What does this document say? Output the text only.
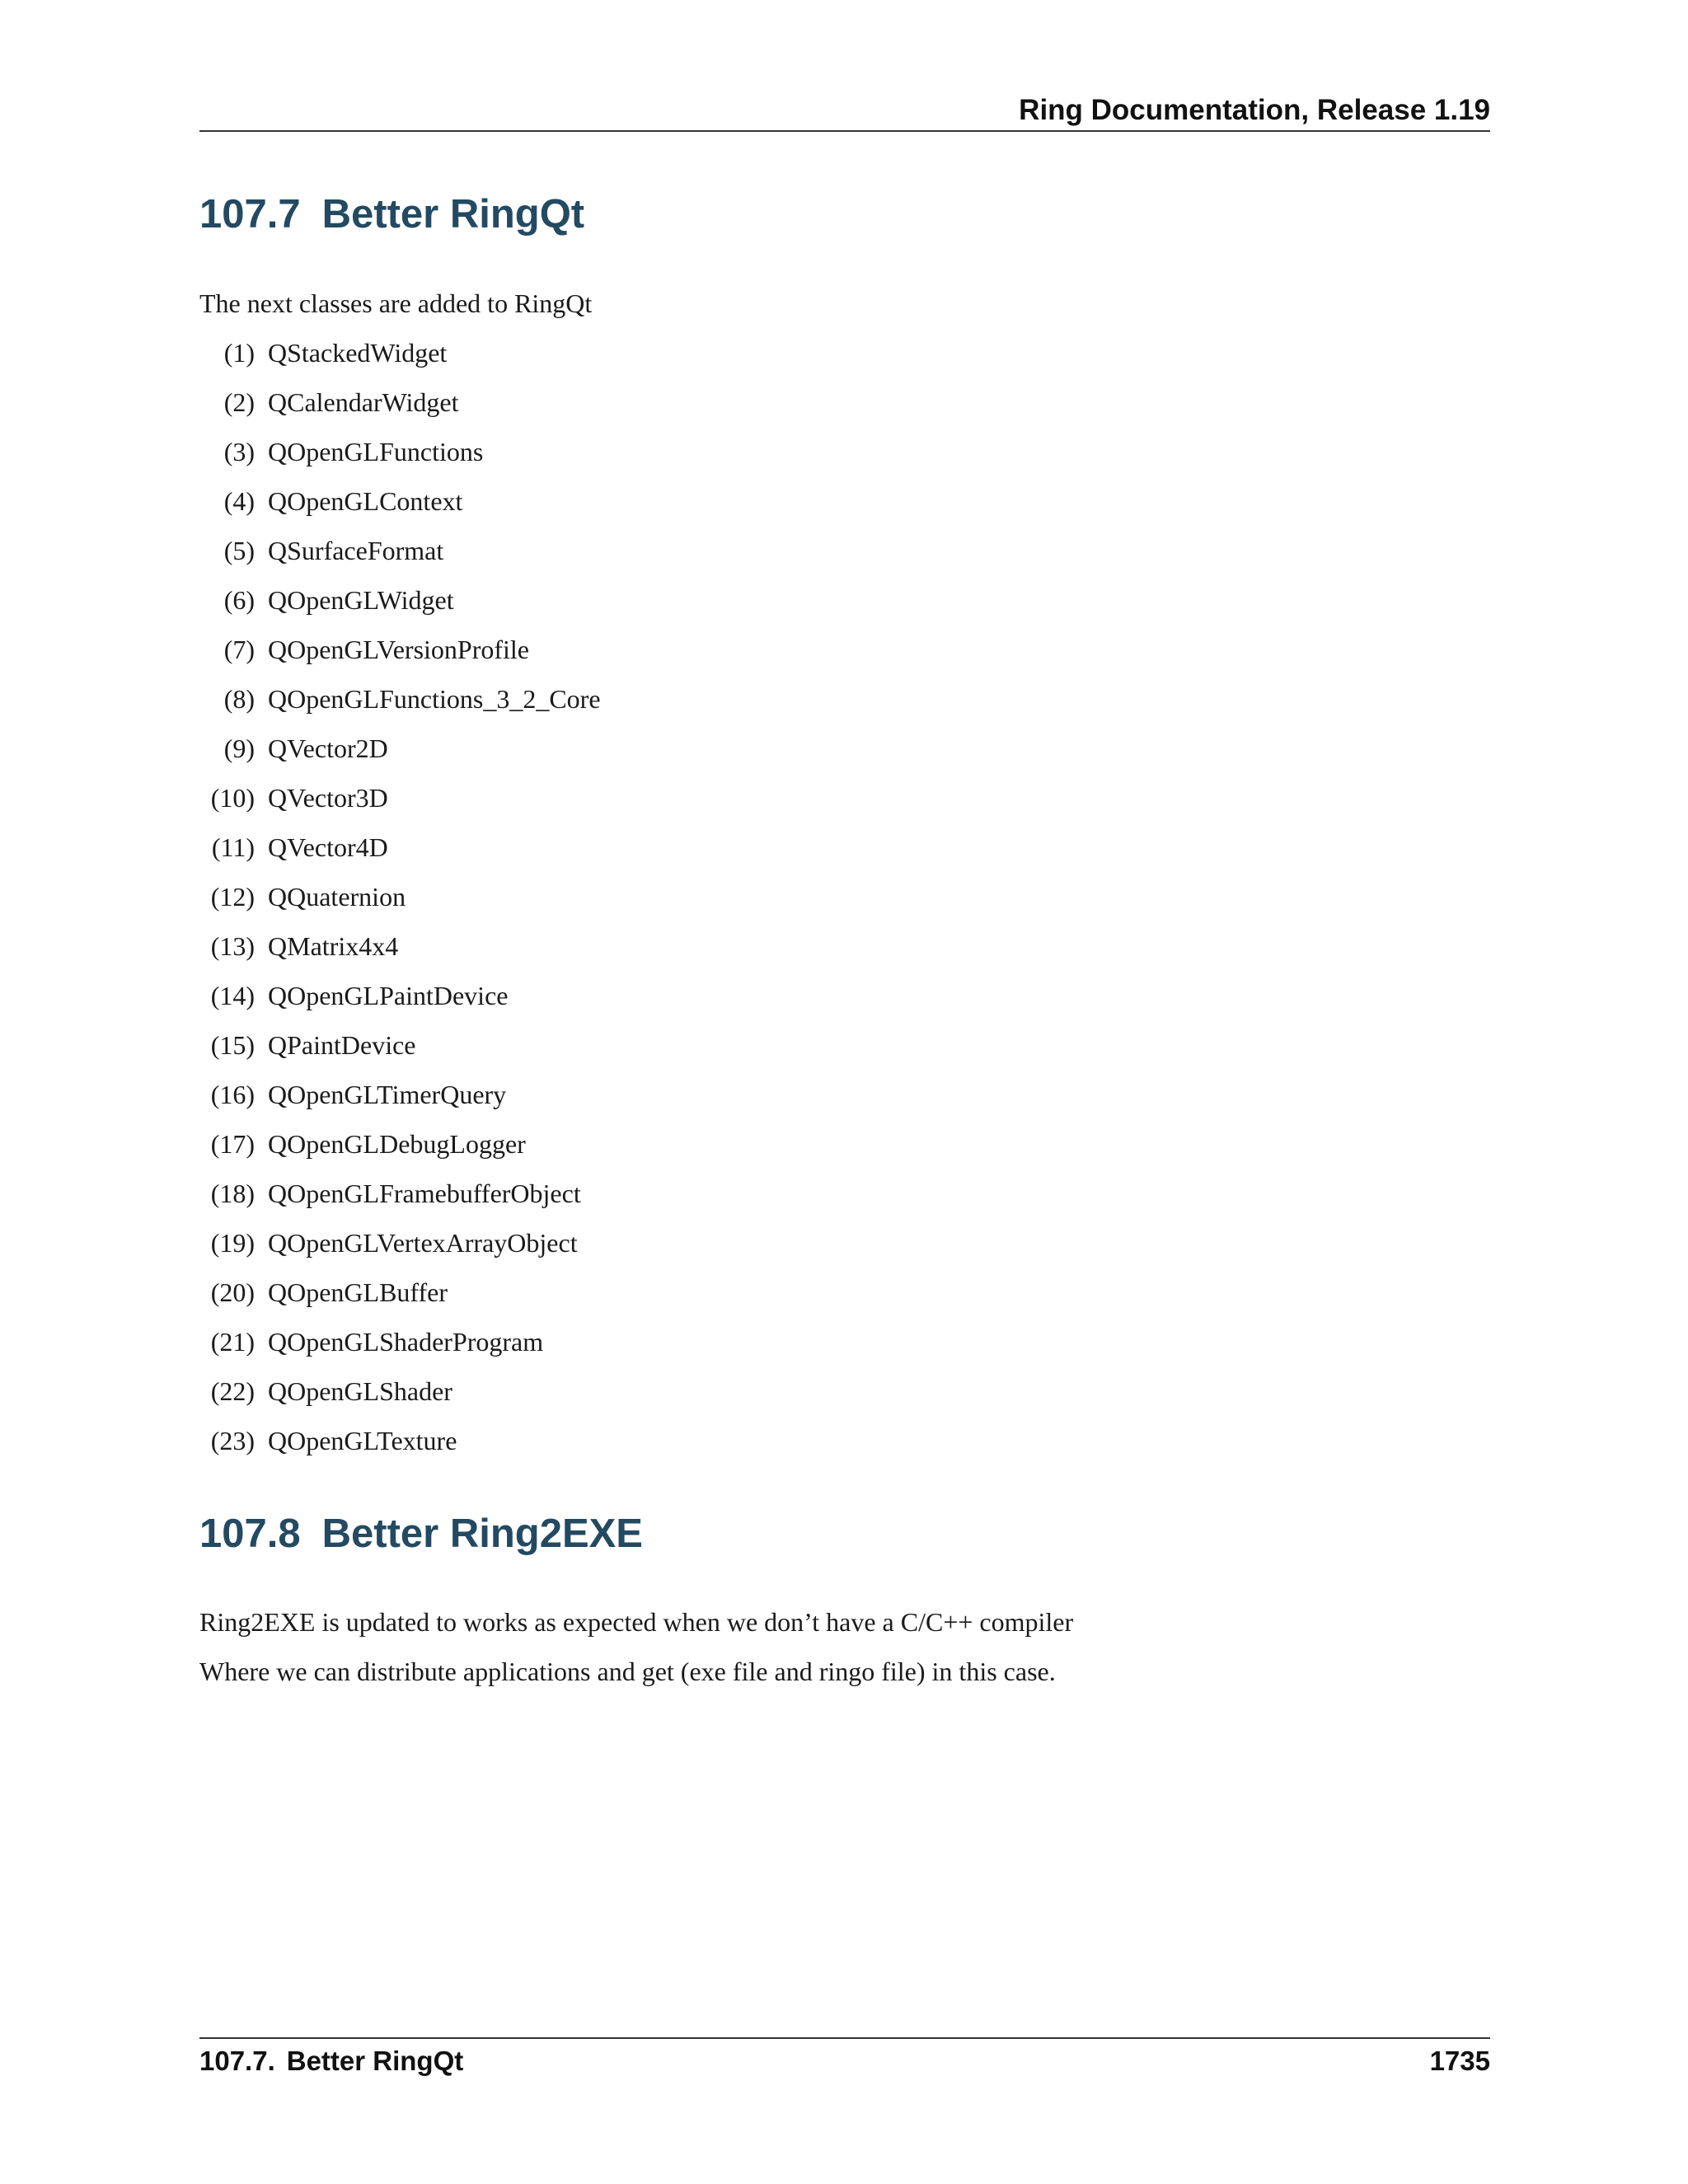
Ring Documentation, Release 1.19
107.7 Better RingQt

The next classes are added to RingQt

(1) QStackedWidget
(2) QCalendarWidget
(3) QOpenGLFunctions
(4) QOpenGLContext
(5) QSurfaceFormat
(6) QOpenGLWidget
(7) QOpenGLVersionProfile
(8) QOpenGLFunctions_3_2_Core
(9) QVector2D
(10) QVector3D
(11) QVector4D
(12) QQuaternion
(13) QMatrix4x4
(14) QOpenGLPaintDevice
(15) QPaintDevice
(16) QOpenGLTimerQuery
(17) QOpenGLDebugLogger
(18) QOpenGLFramebufferObject
(19) QOpenGLVertexArrayObject
(20) QOpenGLBuffer
(21) QOpenGLShaderProgram
(22) QOpenGLShader
(23) QOpenGLTexture
107.8 Better Ring2EXE

Ring2EXE is updated to works as expected when we don’t have a C/C++ compiler

Where we can distribute applications and get (exe file and ringo file) in this case.

107.7. Better RingQt	1735
